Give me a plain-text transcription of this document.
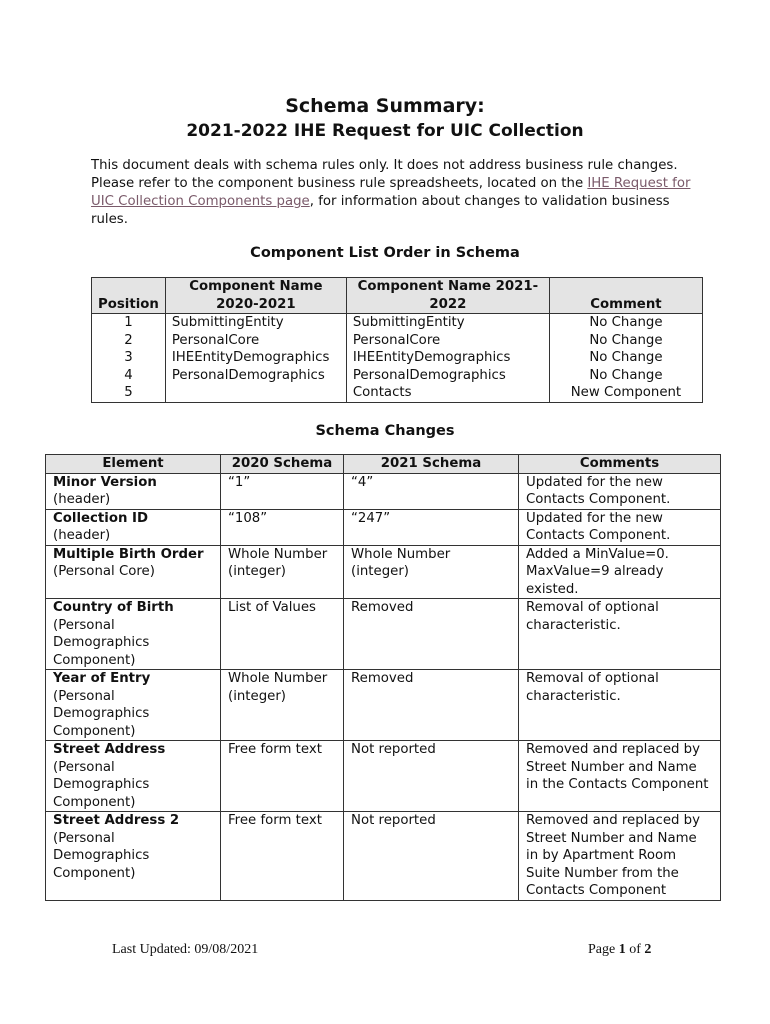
Schema Summary:
2021-2022 IHE Request for UIC Collection
This document deals with schema rules only. It does not address business rule changes. Please refer to the component business rule spreadsheets, located on the IHE Request for UIC Collection Components page, for information about changes to validation business rules.
Component List Order in Schema
Position	Component Name 2020-2021	Component Name 2021-2022	Comment
1	SubmittingEntity	SubmittingEntity	No Change
2	PersonalCore	PersonalCore	No Change
3	IHEEntityDemographics	IHEEntityDemographics	No Change
4	PersonalDemographics	PersonalDemographics	No Change
5		Contacts	New Component
Schema Changes
Element	2020 Schema	2021 Schema	Comments

Minor Version
(header)	“1”	“4”	Updated for the new Contacts Component.

Collection ID
(header)	“108”	“247”	Updated for the new Contacts Component.

Multiple Birth Order
(Personal Core)	Whole Number (integer)	Whole Number (integer)	Added a MinValue=0. MaxValue=9 already existed.

Country of Birth
(Personal Demographics Component)	List of Values	Removed	Removal of optional characteristic.

Year of Entry
(Personal Demographics Component)	Whole Number (integer)	Removed	Removal of optional characteristic.

Street Address
(Personal Demographics Component)	Free form text	Not reported	Removed and replaced by Street Number and Name in the Contacts Component

Street Address 2
(Personal Demographics Component)	Free form text	Not reported	Removed and replaced by Street Number and Name in by Apartment Room Suite Number from the Contacts Component
Last Updated: 09/08/2021	Page 1 of 2
